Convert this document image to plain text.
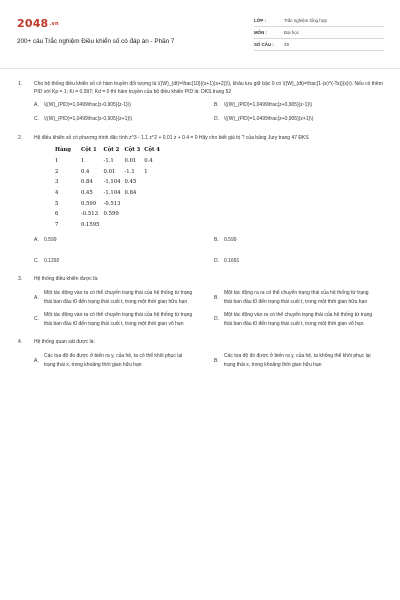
2048.vn
200+ câu Trắc nghiệm Điều khiển số có đáp án - Phần 7
LỚP :	Trắc nghiệm tổng hợp
MÔN :	Đại học
SỐ CÂU :	29
1.	Cho hệ thống điều khiển số có hàm truyền đối tượng là \((W)_(dt)=\frac{10}{(s+1)(s+2)}\), khâu lưu giữ bậc 0 có \((W)_(dt)=\frac{1-(e)^(-Ts)}{s}\). Nếu có thêm PID với Kp = 1; Ki = 0.997; Kd = 0 thì hàm truyền của bộ điều khiển PID là: DKS trang 52
A.	\((W)_(PID)=1,0499\frac{z-0,905}{z-1}\)	B.	\((W)_(PID)=1,0499\frac{z+0,905}{z-1}\)
C.	\((W)_(PID)=1,0499\frac{z-0,905}{z+1}\)	D.	\((W)_(PID)=1,0499\frac{z+0,905}{z+1}\)
2.	Hệ điều khiển số có phương trình đặc tính z^3 - 1.1 z^2 + 0.01 z + 0.4 = 0 Hãy cho biết giá trị ? của bảng Jury trang 47 ĐKS
Hàng	Cột 1	Cột 2	Cột 3	Cột 4
1	1	-1.1	0.01	0.4
2	0.4	0.01	-1.1	1
3	0.84	-1.104	0.45	
4	0.45	-1.104	0.84	
5	0.599	-0.513		
6	-0.513	0.599		
7	0.1595			
A.	0.599	B.	0.599
C.	0.1292	D.	0.1691
3.	Hệ thống điều khiển được là:
A.
Một tác động vào ra có thể chuyển trạng thái của hệ thống từ trạng thái ban đầu t0 đến trạng thái cuối t, trong một thời gian hữu hạn
B.
Một tác động ra ra có thể chuyển trạng thái của hệ thống từ trạng thái ban đầu t0 đến trạng thái cuối t, trong một thời gian hữu hạn
C.
Một tác động vào ra có thể chuyển trạng thái của hệ thống từ trạng thái ban đầu t0 đến trạng thái cuối t, trong một thời gian vô hạn
D.
Một tác động vào ra có thể chuyển trạng thái của hệ thống từ trạng thái ban đầu t0 đến trạng thái cuối t, trong một thời gian vô hạn
4.	Hệ thống quan sát được là:
A.
Các tọa độ đo được ở biến ra y, của hệ, ta có thể khôi phục lại trạng thái x, trong khoảng thời gian hữu hạn
B.
Các tọa độ đo được ở biến ra y, của hệ, ta không thể khôi phục lại trạng thái x, trong khoảng thời gian hữu hạn
